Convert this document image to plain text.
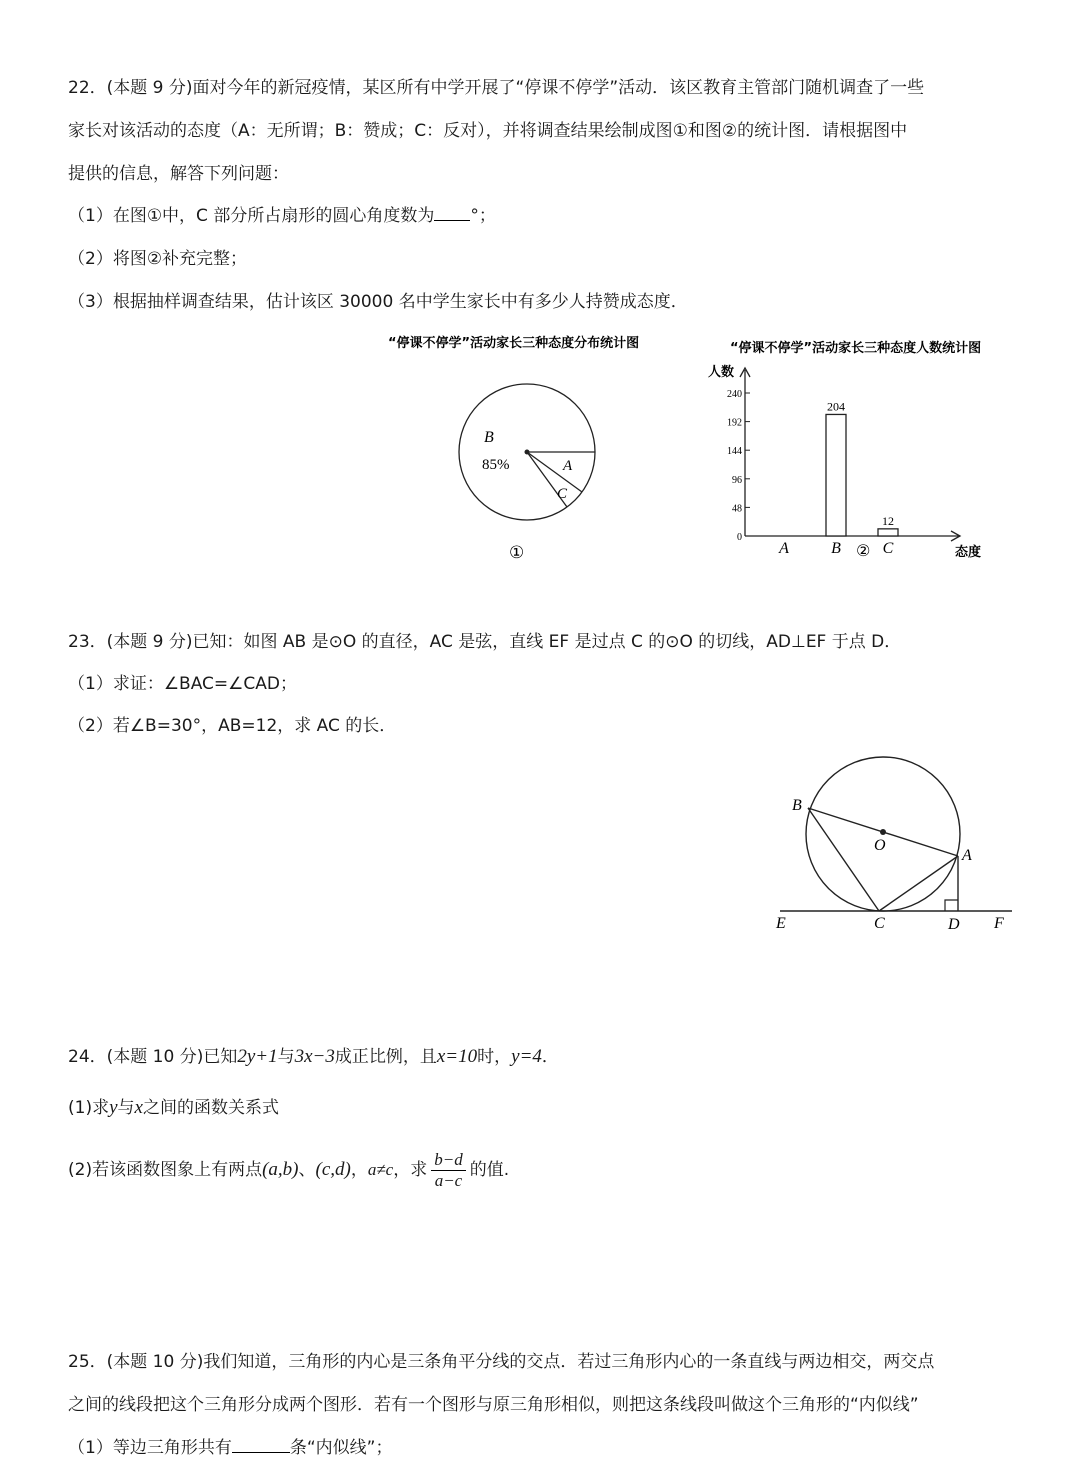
22．(本题 9 分)面对今年的新冠疫情，某区所有中学开展了“停课不停学”活动．该区教育主管部门随机调查了一些
家长对该活动的态度（A：无所谓；B：赞成；C：反对），并将调查结果绘制成图①和图②的统计图．请根据图中
提供的信息，解答下列问题：
（1）在图①中，C 部分所占扇形的圆心角度数为 °；
（2）将图②补充完整；
（3）根据抽样调查结果，估计该区 30000 名中学生家长中有多少人持赞成态度．
“停课不停学”活动家长三种态度分布统计图
B
85%	A
C
①
“停课不停学”活动家长三种态度人数统计图
人数
0
48
96
144
192
240
A
204
B
12
C	态度
②
23．(本题 9 分)已知：如图 AB 是⊙O 的直径，AC 是弦，直线 EF 是过点 C 的⊙O 的切线，AD⊥EF 于点 D．
（1）求证：∠BAC=∠CAD；
（2）若∠B=30°，AB=12，求 AC 的长．
B
O
A
E	C	D F
24．(本题 10 分)已知2y+1与3x−3成正比例，且x=10时，y=4．
(1)求y与x之间的函数关系式
(2)若该函数图象上有两点(a,b)、(c,d)，a≠c，求 $\frac{b-d}{a-c}$ 的值.
25．(本题 10 分)我们知道，三角形的内心是三条角平分线的交点．若过三角形内心的一条直线与两边相交，两交点
之间的线段把这个三角形分成两个图形．若有一个图形与原三角形相似，则把这条线段叫做这个三角形的“内似线”
（1）等边三角形共有	条“内似线”；
